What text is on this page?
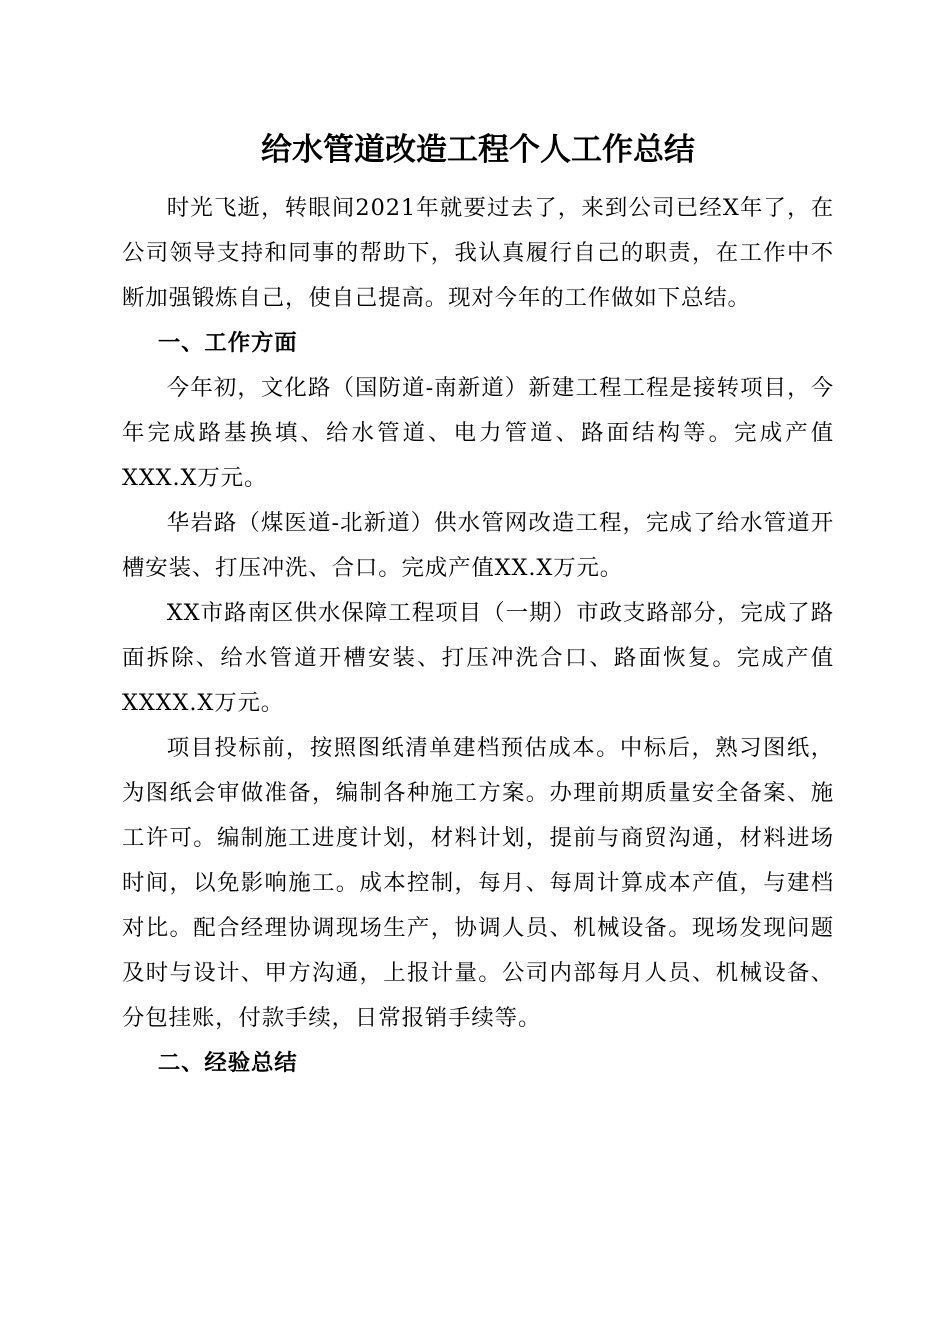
给水管道改造工程个人工作总结

时光飞逝，转眼间2021年就要过去了，来到公司已经X年了，在公司领导支持和同事的帮助下，我认真履行自己的职责，在工作中不断加强锻炼自己，使自己提高。现对今年的工作做如下总结。

一、工作方面

今年初，文化路（国防道-南新道）新建工程工程是接转项目，今年完成路基换填、给水管道、电力管道、路面结构等。完成产值XXX.X万元。

华岩路（煤医道-北新道）供水管网改造工程，完成了给水管道开槽安装、打压冲洗、合口。完成产值XX.X万元。

XX市路南区供水保障工程项目（一期）市政支路部分，完成了路面拆除、给水管道开槽安装、打压冲洗合口、路面恢复。完成产值XXXX.X万元。

项目投标前，按照图纸清单建档预估成本。中标后，熟习图纸，为图纸会审做准备，编制各种施工方案。办理前期质量安全备案、施工许可。编制施工进度计划，材料计划，提前与商贸沟通，材料进场时间，以免影响施工。成本控制，每月、每周计算成本产值，与建档对比。配合经理协调现场生产，协调人员、机械设备。现场发现问题及时与设计、甲方沟通，上报计量。公司内部每月人员、机械设备、分包挂账，付款手续，日常报销手续等。

二、经验总结
